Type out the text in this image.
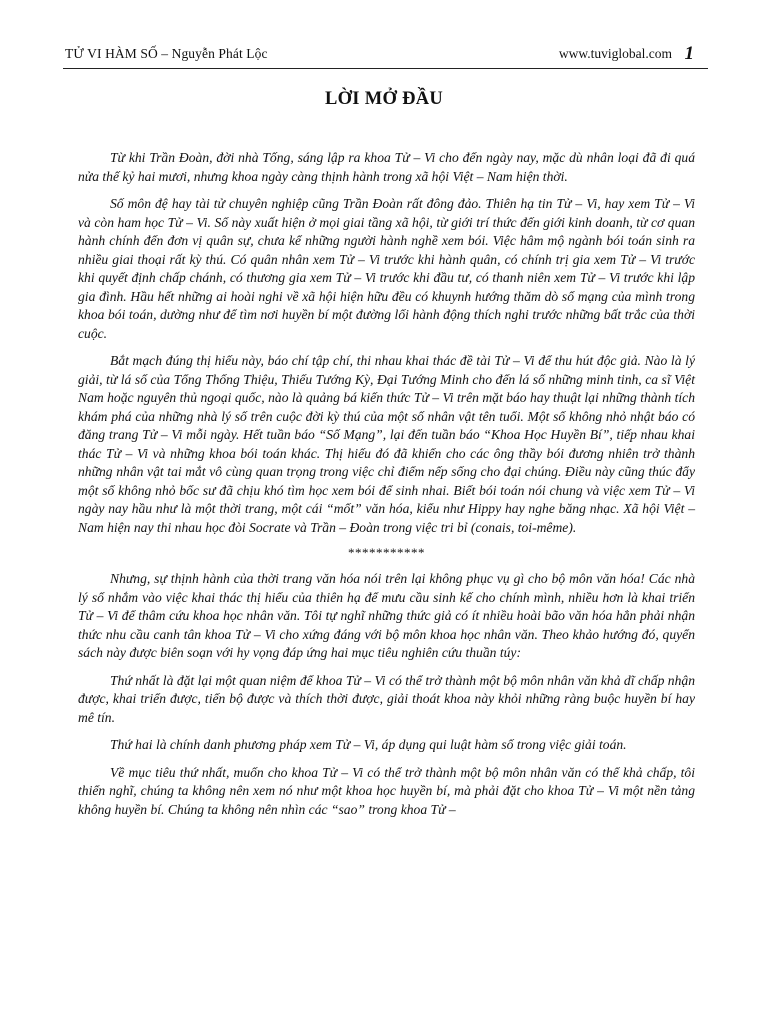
TỬ VI HÀM SỐ – Nguyễn Phát Lộc	www.tuviglobal.com 1
LỜI MỞ ĐẦU

Từ khi Trần Đoàn, đời nhà Tống, sáng lập ra khoa Tử – Vi cho đến ngày nay, mặc dù nhân loại đã đi quá nửa thế kỷ hai mươi, nhưng khoa ngày càng thịnh hành trong xã hội Việt – Nam hiện thời.

Số môn đệ hay tài tử chuyên nghiệp cũng Trần Đoàn rất đông đảo. Thiên hạ tin Tử – Vi, hay xem Tử – Vi và còn ham học Tử – Vi. Số này xuất hiện ở mọi giai tầng xã hội, từ giới trí thức đến giới kinh doanh, từ cơ quan hành chính đến đơn vị quân sự, chưa kể những người hành nghề xem bói. Việc hâm mộ ngành bói toán sinh ra nhiều giai thoại rất kỳ thú. Có quân nhân xem Tử – Vi trước khi hành quân, có chính trị gia xem Tử – Vi trước khi quyết định chấp chánh, có thương gia xem Tử – Vi trước khi đầu tư, có thanh niên xem Tử – Vi trước khi lập gia đình. Hầu hết những ai hoài nghi về xã hội hiện hữu đều có khuynh hướng thăm dò số mạng của mình trong khoa bói toán, dường như để tìm nơi huyền bí một đường lối hành động thích nghi trước những bất trắc của thời cuộc.

Bắt mạch đúng thị hiếu này, báo chí tập chí, thi nhau khai thác đề tài Tử – Vi để thu hút độc giả. Nào là lý giải, từ lá số của Tổng Thống Thiệu, Thiếu Tướng Kỳ, Đại Tướng Minh cho đến lá số những minh tinh, ca sĩ Việt Nam hoặc nguyên thủ ngoại quốc, nào là quảng bá kiến thức Tử – Vi trên mặt báo hay thuật lại những thành tích khám phá của những nhà lý số trên cuộc đời kỳ thú của một số nhân vật tên tuổi. Một số không nhỏ nhật báo có đăng trang Tử – Vi mỗi ngày. Hết tuần báo “Số Mạng”, lại đến tuần báo “Khoa Học Huyền Bí”, tiếp nhau khai thác Tử – Vi và những khoa bói toán khác. Thị hiếu đó đã khiến cho các ông thầy bói đương nhiên trở thành những nhân vật tai mắt vô cùng quan trọng trong việc chỉ điểm nếp sống cho đại chúng. Điều này cũng thúc đẩy một số không nhỏ bốc sư đã chịu khó tìm học xem bói để sinh nhai. Biết bói toán nói chung và việc xem Tử – Vi ngày nay hầu như là một thời trang, một cái “mốt” văn hóa, kiểu như Hippy hay nghe băng nhạc. Xã hội Việt – Nam hiện nay thi nhau học đòi Socrate và Trần – Đoàn trong việc tri bỉ (conais, toi-même).

***********

Nhưng, sự thịnh hành của thời trang văn hóa nói trên lại không phục vụ gì cho bộ môn văn hóa! Các nhà lý số nhắm vào việc khai thác thị hiếu của thiên hạ để mưu cầu sinh kế cho chính mình, nhiều hơn là khai triển Tử – Vi để thâm cứu khoa học nhân văn. Tôi tự nghĩ những thức giả có ít nhiều hoài bão văn hóa hẳn phải nhận thức nhu cầu canh tân khoa Tử – Vi cho xứng đáng với bộ môn khoa học nhân văn. Theo khảo hướng đó, quyển sách này được biên soạn với hy vọng đáp ứng hai mục tiêu nghiên cứu thuần túy:

Thứ nhất là đặt lại một quan niệm để khoa Tử – Vi có thể trở thành một bộ môn nhân văn khả dĩ chấp nhận được, khai triển được, tiến bộ được và thích thời được, giải thoát khoa này khỏi những ràng buộc huyền bí hay mê tín.

Thứ hai là chính danh phương pháp xem Tử – Vi, áp dụng qui luật hàm số trong việc giải toán.

Về mục tiêu thứ nhất, muốn cho khoa Tử – Vi có thể trở thành một bộ môn nhân văn có thể khả chấp, tôi thiển nghĩ, chúng ta không nên xem nó như một khoa học huyền bí, mà phải đặt cho khoa Tử – Vi một nền tảng không huyền bí. Chúng ta không nên nhìn các “sao” trong khoa Tử –
